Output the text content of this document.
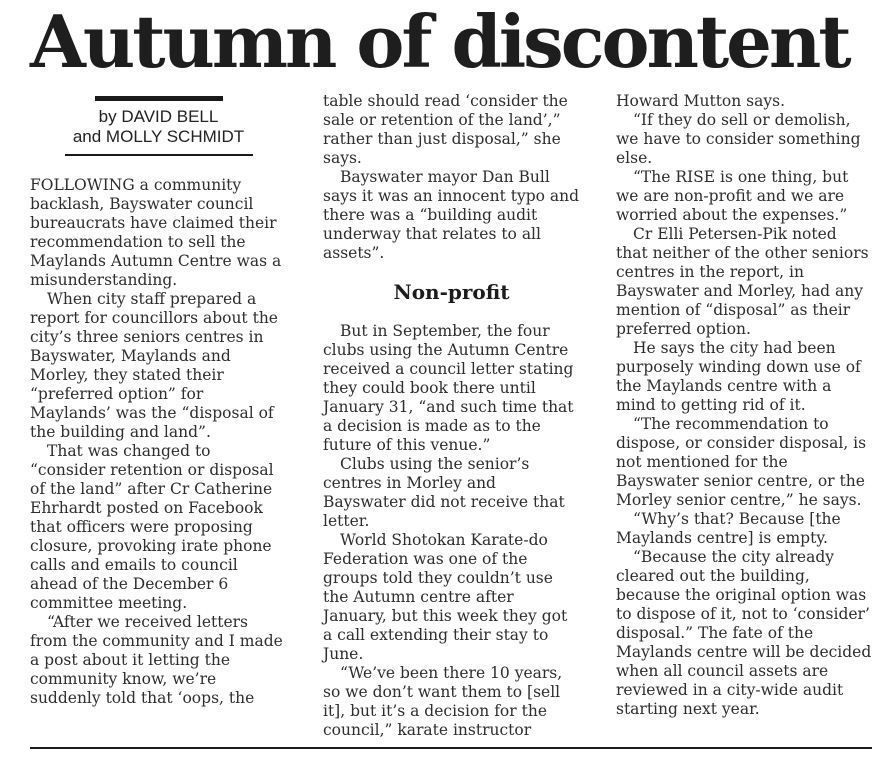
Autumn of discontent
by DAVID BELL
and MOLLY SCHMIDT

FOLLOWING a community backlash, Bayswater council bureaucrats have claimed their recommendation to sell the Maylands Autumn Centre was a misunderstanding.

When city staff prepared a report for councillors about the city’s three seniors centres in Bayswater, Maylands and Morley, they stated their “preferred option” for Maylands’ was the “disposal of the building and land”.

That was changed to “consider retention or disposal of the land” after Cr Catherine Ehrhardt posted on Facebook that officers were proposing closure, provoking irate phone calls and emails to council ahead of the December 6 committee meeting.

“After we received letters from the community and I made a post about it letting the community know, we’re suddenly told that ‘oops, the

table should read ‘consider the sale or retention of the land’,” rather than just disposal,” she says.

Bayswater mayor Dan Bull says it was an innocent typo and there was a “building audit underway that relates to all assets”.

Non-profit

But in September, the four clubs using the Autumn Centre received a council letter stating they could book there until January 31, “and such time that a decision is made as to the future of this venue.”

Clubs using the senior’s centres in Morley and Bayswater did not receive that letter.

World Shotokan Karate-do Federation was one of the groups told they couldn’t use the Autumn centre after January, but this week they got a call extending their stay to June.

“We’ve been there 10 years, so we don’t want them to [sell it], but it’s a decision for the council,” karate instructor

Howard Mutton says.

“If they do sell or demolish, we have to consider something else.

“The RISE is one thing, but we are non-profit and we are worried about the expenses.”

Cr Elli Petersen-Pik noted that neither of the other seniors centres in the report, in Bayswater and Morley, had any mention of “disposal” as their preferred option.

He says the city had been purposely winding down use of the Maylands centre with a mind to getting rid of it.

“The recommendation to dispose, or consider disposal, is not mentioned for the Bayswater senior centre, or the Morley senior centre,” he says.

“Why’s that? Because [the Maylands centre] is empty.

“Because the city already cleared out the building, because the original option was to dispose of it, not to ‘consider’ disposal.” The fate of the Maylands centre will be decided when all council assets are reviewed in a city-wide audit starting next year.
